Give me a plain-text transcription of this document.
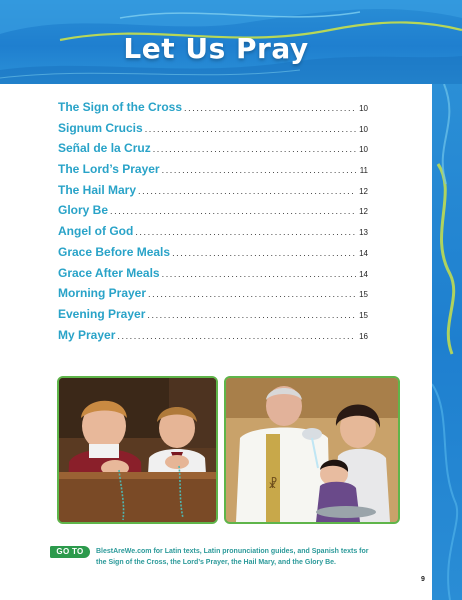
Let Us Pray
The Sign of the Cross .....	10
Signum Crucis .....	10
Señal de la Cruz .....	10
The Lord’s Prayer .....	11
The Hail Mary .....	12
Glory Be .....	12
Angel of God .....	13
Grace Before Meals .....	14
Grace After Meals .....	14
Morning Prayer .....	15
Evening Prayer .....	15
My Prayer .....	16
☧
GO TO	BlestAreWe.com for Latin texts, Latin pronunciation guides, and Spanish texts for
the Sign of the Cross, the Lord’s Prayer, the Hail Mary, and the Glory Be.
9
